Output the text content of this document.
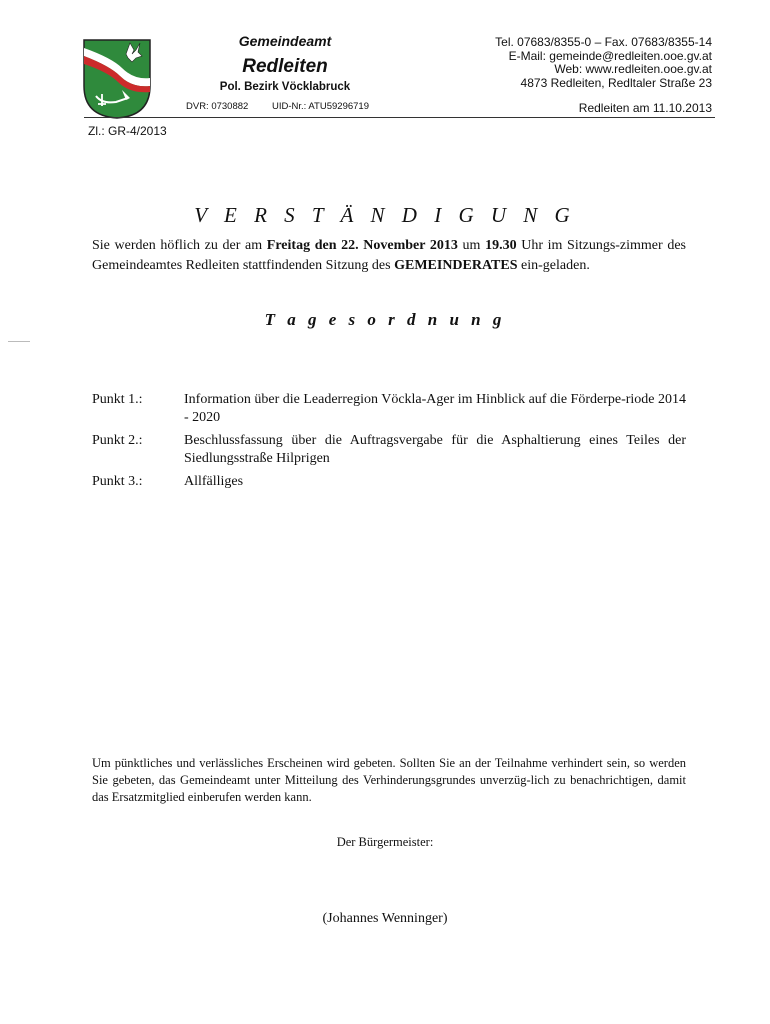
Gemeindeamt
Redleiten
Pol. Bezirk Vöcklabruck
DVR: 0730882 UID-Nr.: ATU59296719
Tel. 07683/8355-0 – Fax. 07683/8355-14
E-Mail: gemeinde@redleiten.ooe.gv.at
Web: www.redleiten.ooe.gv.at
4873 Redleiten, Redltaler Straße 23
Redleiten am 11.10.2013
Zl.: GR-4/2013
V E R S T Ä N D I G U N G
Sie werden höflich zu der am Freitag den 22. November 2013 um 19.30 Uhr im Sitzungs-zimmer des Gemeindeamtes Redleiten stattfindenden Sitzung des GEMEINDERATES ein-geladen.
T a g e s o r d n u n g
Punkt 1.:	Information über die Leaderregion Vöckla-Ager im Hinblick auf die Förderpe-riode 2014 - 2020
Punkt 2.:	Beschlussfassung über die Auftragsvergabe für die Asphaltierung eines Teiles der Siedlungsstraße Hilprigen
Punkt 3.:	Allfälliges
Um pünktliches und verlässliches Erscheinen wird gebeten. Sollten Sie an der Teilnahme verhindert sein, so werden Sie gebeten, das Gemeindeamt unter Mitteilung des Verhinderungsgrundes unverzüg-lich zu benachrichtigen, damit das Ersatzmitglied einberufen werden kann.
Der Bürgermeister:
(Johannes Wenninger)
